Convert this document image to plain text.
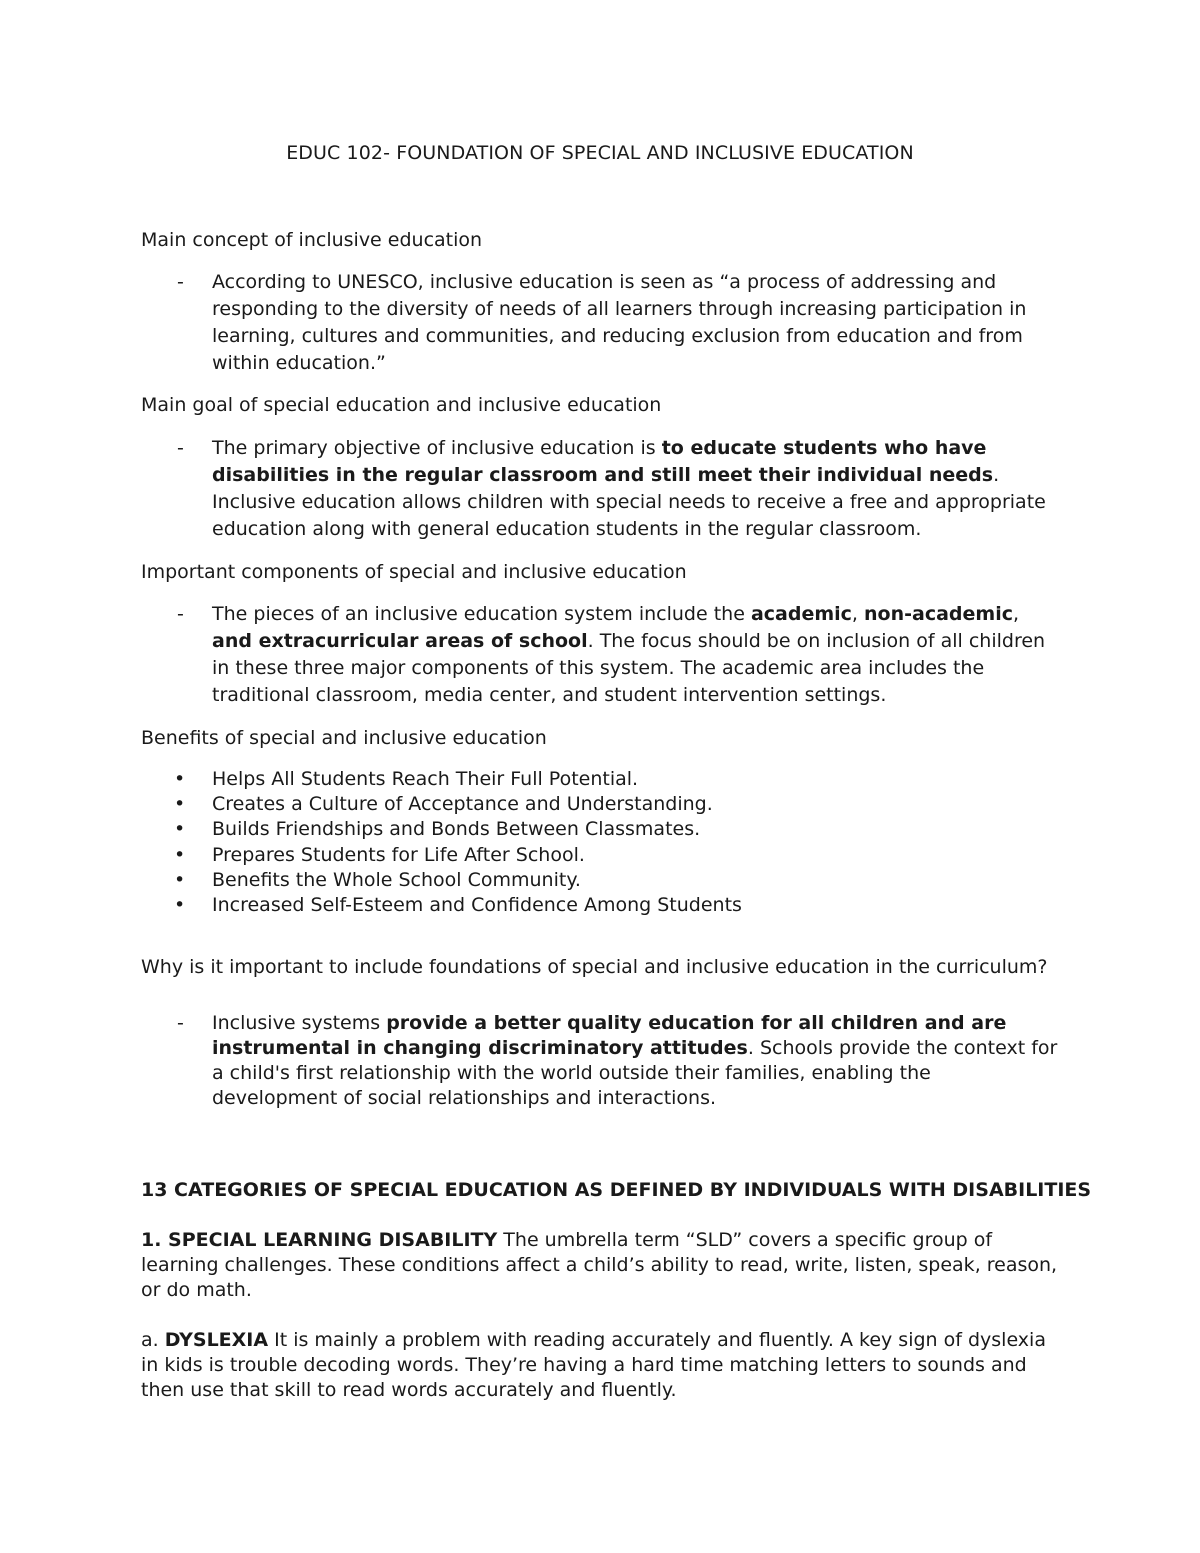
EDUC 102- FOUNDATION OF SPECIAL AND INCLUSIVE EDUCATION
Main concept of inclusive education
- According to UNESCO, inclusive education is seen as “a process of addressing and responding to the diversity of needs of all learners through increasing participation in learning, cultures and communities, and reducing exclusion from education and from within education.”
Main goal of special education and inclusive education
- The primary objective of inclusive education is to educate students who have disabilities in the regular classroom and still meet their individual needs. Inclusive education allows children with special needs to receive a free and appropriate education along with general education students in the regular classroom.
Important components of special and inclusive education
- The pieces of an inclusive education system include the academic, non-academic, and extracurricular areas of school. The focus should be on inclusion of all children in these three major components of this system. The academic area includes the traditional classroom, media center, and student intervention settings.
Benefits of special and inclusive education
• Helps All Students Reach Their Full Potential.
• Creates a Culture of Acceptance and Understanding.
• Builds Friendships and Bonds Between Classmates.
• Prepares Students for Life After School.
• Benefits the Whole School Community.
• Increased Self-Esteem and Confidence Among Students
Why is it important to include foundations of special and inclusive education in the curriculum?
- Inclusive systems provide a better quality education for all children and are instrumental in changing discriminatory attitudes. Schools provide the context for a child's first relationship with the world outside their families, enabling the development of social relationships and interactions.
13 CATEGORIES OF SPECIAL EDUCATION AS DEFINED BY INDIVIDUALS WITH DISABILITIES
1. SPECIAL LEARNING DISABILITY The umbrella term “SLD” covers a specific group of learning challenges. These conditions affect a child’s ability to read, write, listen, speak, reason, or do math.
a. DYSLEXIA It is mainly a problem with reading accurately and fluently. A key sign of dyslexia in kids is trouble decoding words. They’re having a hard time matching letters to sounds and then use that skill to read words accurately and fluently.
